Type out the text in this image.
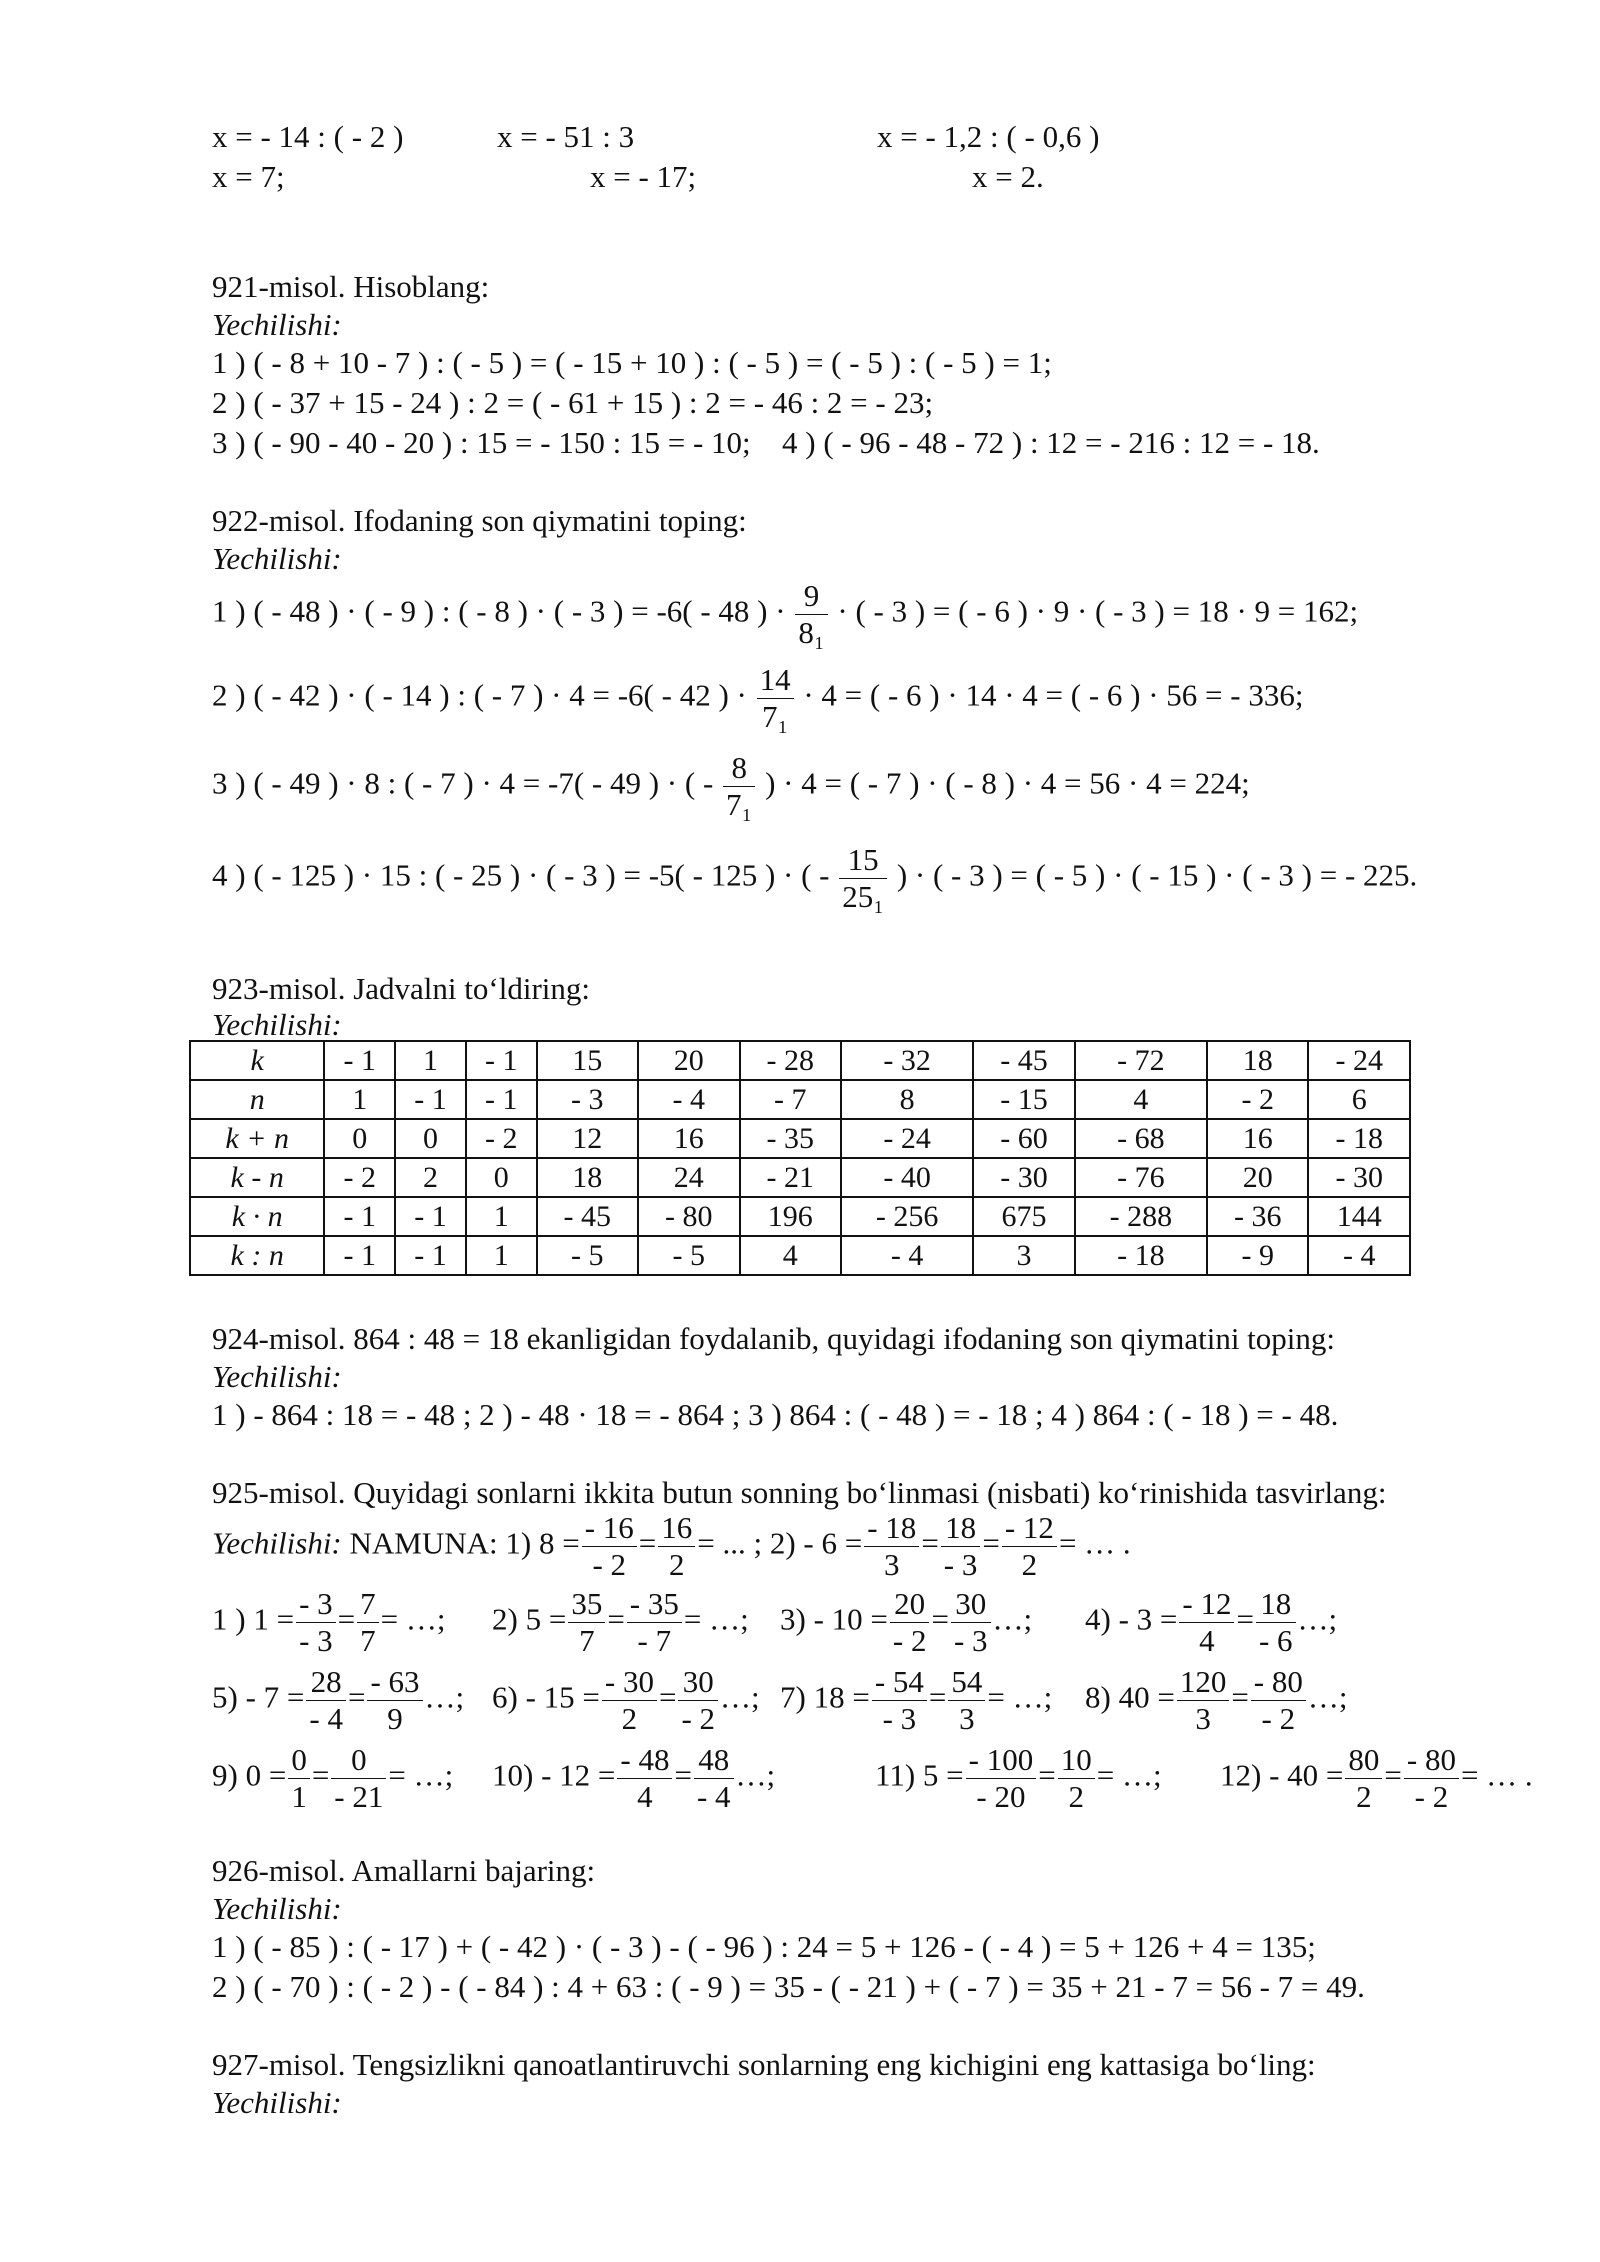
x = - 14 : ( - 2 )	x = - 51 : 3	x = - 1,2 : ( - 0,6 )
x = 7;	x = - 17;	x = 2.
921-misol. Hisoblang:
Yechilishi:
1 ) ( - 8 + 10 - 7 ) : ( - 5 ) = ( - 15 + 10 ) : ( - 5 ) = ( - 5 ) : ( - 5 ) = 1;
2 ) ( - 37 + 15 - 24 ) : 2 = ( - 61 + 15 ) : 2 = - 46 : 2 = - 23;
3 ) ( - 90 - 40 - 20 ) : 15 = - 150 : 15 = - 10; 4 ) ( - 96 - 48 - 72 ) : 12 = - 216 : 12 = - 18.
922-misol. Ifodaning son qiymatini toping:
Yechilishi:
1 ) ( - 48 ) · ( - 9 ) : ( - 8 ) · ( - 3 ) = -6( - 48 ) · $\frac{9}{\text{8₁}}$ · ( - 3 ) = ( - 6 ) · 9 · ( - 3 ) = 18 · 9 = 162;
2 ) ( - 42 ) · ( - 14 ) : ( - 7 ) · 4 = -6( - 42 ) · $\frac{14}{\text{7₁}} \cdot 4$ = ( - 6 ) · 14 · 4 = ( - 6 ) · 56 = - 336;
3 ) ( - 49 ) · 8 : ( - 7 ) · 4 = -7( - 49 ) · ( - $\frac{8}{\text{7₁}}$ ) · 4 = ( - 7 ) · ( - 8 ) · 4 = 56 · 4 = 224;
4 ) ( - 125 ) · 15 : ( - 25 ) · ( - 3 ) = -5( - 125 ) · ( - $\frac{15}{\text{25₁}}$ ) · ( - 3 ) = ( - 5 ) · ( - 15 ) · ( - 3 ) = - 225.
923-misol. Jadvalni to‘ldiring:
Yechilishi:
k	- 1	1	- 1	15	20	- 28	- 32	- 45	- 72	18	- 24
n	1	- 1	- 1	- 3	- 4	- 7	8	- 15	4	- 2	6
k + n	0	0	- 2	12	16	- 35	- 24	- 60	- 68	16	- 18
k - n	- 2	2	0	18	24	- 21	- 40	- 30	- 76	20	- 30
k · n	- 1	- 1	1	- 45	- 80	196	- 256	675	- 288	- 36	144
k : n	- 1	- 1	1	- 5	- 5	4	- 4	3	- 18	- 9	- 4
924-misol. 864 : 48 = 18 ekanligidan foydalanib, quyidagi ifodaning son qiymatini toping:
Yechilishi:
1 ) - 864 : 18 = - 48 ; 2 ) - 48 · 18 = - 864 ; 3 ) 864 : ( - 48 ) = - 18 ; 4 ) 864 : ( - 18 ) = - 48.
925-misol. Quyidagi sonlarni ikkita butun sonning bo‘linmasi (nisbati) ko‘rinishida tasvirlang:
Yechilishi: NAMUNA: 1) $8 = \frac{- 16}{- 2} = \frac{16}{2}$ = ... ; $2) - 6 = \frac{- 18}{3} = \frac{18}{- 3} = \frac{- 12}{2}$ = … .
1 ) $1 = \frac{- 3}{- 3} = \frac{7}{7}$ = …; 2) $5 = \frac{35}{7} = \frac{- 35}{- 7}$ = …; $3) - 10 = \frac{20}{- 2} = \frac{30}{- 3}$ …; $4) - 3 = \frac{- 12}{4} = \frac{18}{- 6}$ …;
$5) - 7 = \frac{28}{- 4} = \frac{- 63}{9}$ …; $6) - 15 = \frac{- 30}{2} = \frac{30}{- 2}$ …; 7) $18 = \frac{- 54}{- 3} = \frac{54}{3}$ = …; 8) $40 = \frac{120}{3} = \frac{- 80}{- 2}$ …;
9) $0 = \frac{0}{1} = \frac{0}{- 21}$ = …; $10) - 12 = \frac{- 48}{4} = \frac{48}{- 4}$ …;	11) $5 = \frac{- 100}{- 20} = \frac{10}{2}$ = …; $12) - 40 = \frac{80}{2} = \frac{- 80}{- 2}$ = … .
926-misol. Amallarni bajaring:
Yechilishi:
1 ) ( - 85 ) : ( - 17 ) + ( - 42 ) · ( - 3 ) - ( - 96 ) : 24 = 5 + 126 - ( - 4 ) = 5 + 126 + 4 = 135;
2 ) ( - 70 ) : ( - 2 ) - ( - 84 ) : 4 + 63 : ( - 9 ) = 35 - ( - 21 ) + ( - 7 ) = 35 + 21 - 7 = 56 - 7 = 49.
927-misol. Tengsizlikni qanoatlantiruvchi sonlarning eng kichigini eng kattasiga bo‘ling:
Yechilishi:
